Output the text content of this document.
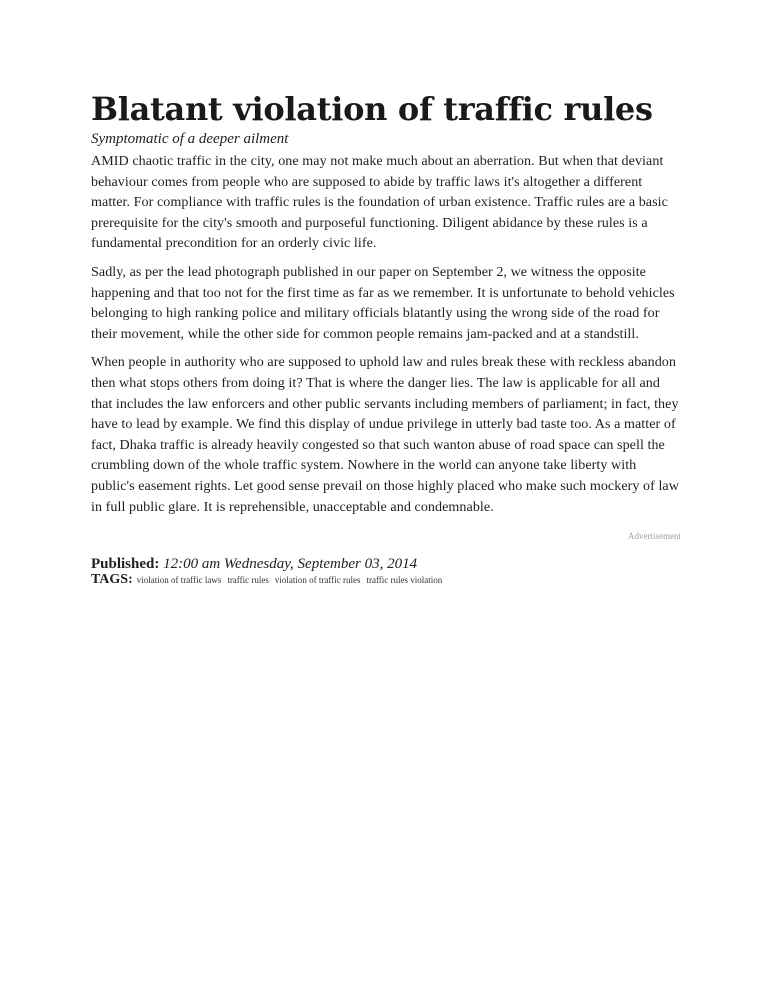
Blatant violation of traffic rules
Symptomatic of a deeper ailment

AMID chaotic traffic in the city, one may not make much about an aberration. But when that deviant behaviour comes from people who are supposed to abide by traffic laws it's altogether a different matter. For compliance with traffic rules is the foundation of urban existence. Traffic rules are a basic prerequisite for the city's smooth and purposeful functioning. Diligent abidance by these rules is a fundamental precondition for an orderly civic life.

Sadly, as per the lead photograph published in our paper on September 2, we witness the opposite happening and that too not for the first time as far as we remember. It is unfortunate to behold vehicles belonging to high ranking police and military officials blatantly using the wrong side of the road for their movement, while the other side for common people remains jam-packed and at a standstill.

When people in authority who are supposed to uphold law and rules break these with reckless abandon then what stops others from doing it? That is where the danger lies. The law is applicable for all and that includes the law enforcers and other public servants including members of parliament; in fact, they have to lead by example. We find this display of undue privilege in utterly bad taste too. As a matter of fact, Dhaka traffic is already heavily congested so that such wanton abuse of road space can spell the crumbling down of the whole traffic system. Nowhere in the world can anyone take liberty with public's easement rights. Let good sense prevail on those highly placed who make such mockery of law in full public glare. It is reprehensible, unacceptable and condemnable.

Advertisement
Published: 12:00 am Wednesday, September 03, 2014
TAGS: violation of traffic laws traffic rules violation of traffic rules traffic rules violation
